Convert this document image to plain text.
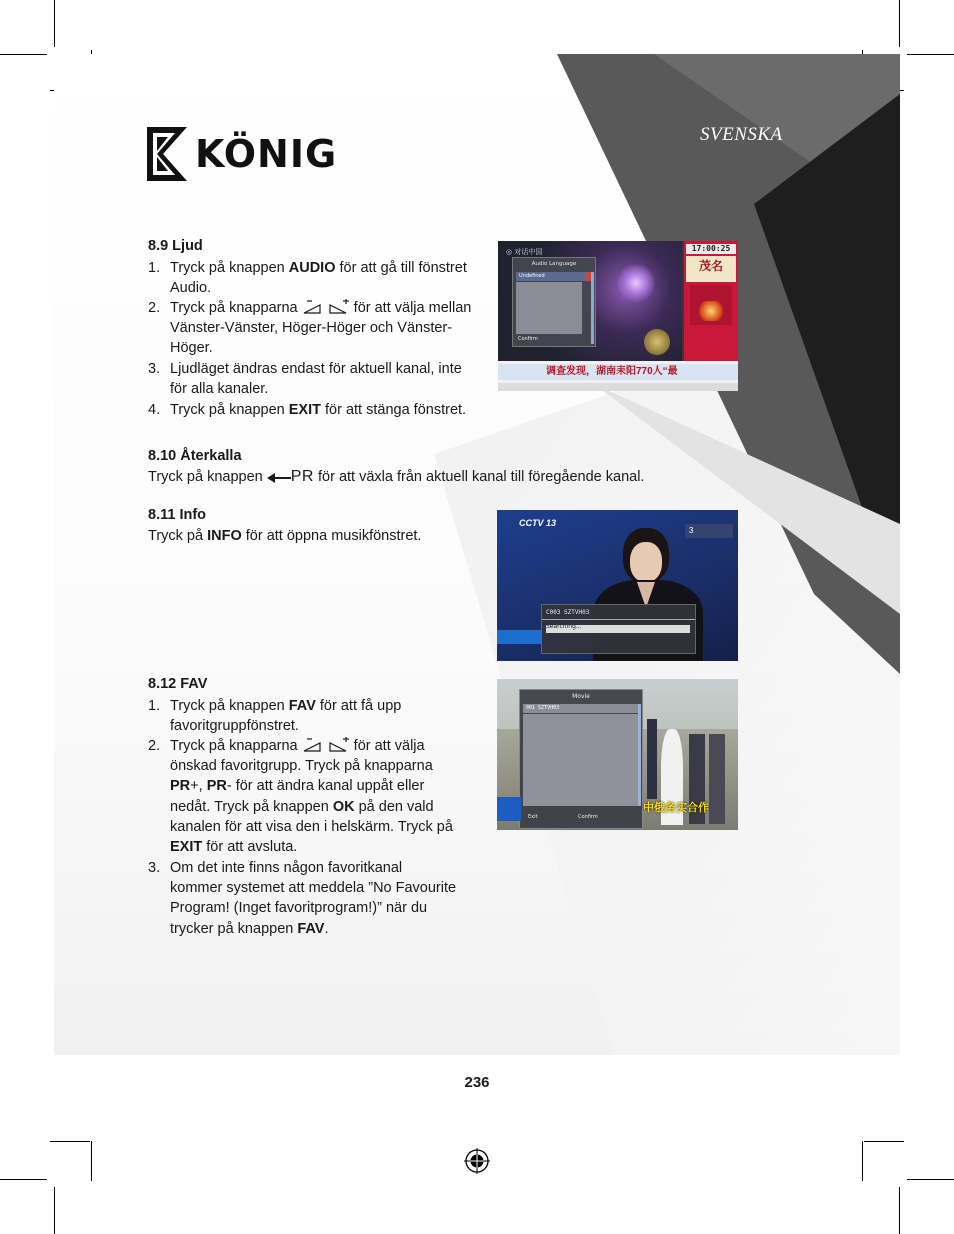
KÖNIG	SVENSKA
8.9 Ljud
1. Tryck på knappen AUDIO för att gå till fönstret Audio.
2. Tryck på knapparna	för att välja mellan Vänster-Vänster, Höger-Höger och Vänster-Höger.
3. Ljudläget ändras endast för aktuell kanal, inte för alla kanaler.
4. Tryck på knappen EXIT för att stänga fönstret.
◎ 对话中国
Audio Language
Undefined
Confirm
17:00:25
茂名
调查发现，湖南耒阳770人“最
8.10 Återkalla
Tryck på knappen PR för att växla från aktuell kanal till föregående kanal.
8.11 Info
Tryck på INFO för att öppna musikfönstret.
CCTV 13
3
C003 SZTVH03
Searching...
8.12 FAV
1. Tryck på knappen FAV för att få upp favoritgruppfönstret.
2. Tryck på knapparna	för att välja
önskad favoritgrupp. Tryck på knapparna
PR+, PR- för att ändra kanal uppåt eller
nedåt. Tryck på knappen OK på den vald
kanalen för att visa den i helskärm. Tryck på
EXIT för att avsluta.
3. Om det inte finns någon favoritkanal
kommer systemet att meddela ”No Favourite
Program! (Inget favoritprogram!)” när du
trycker på knappen FAV.
Movie
001 SZTVH03
Exit	Confirm
中俄务实合作
236
